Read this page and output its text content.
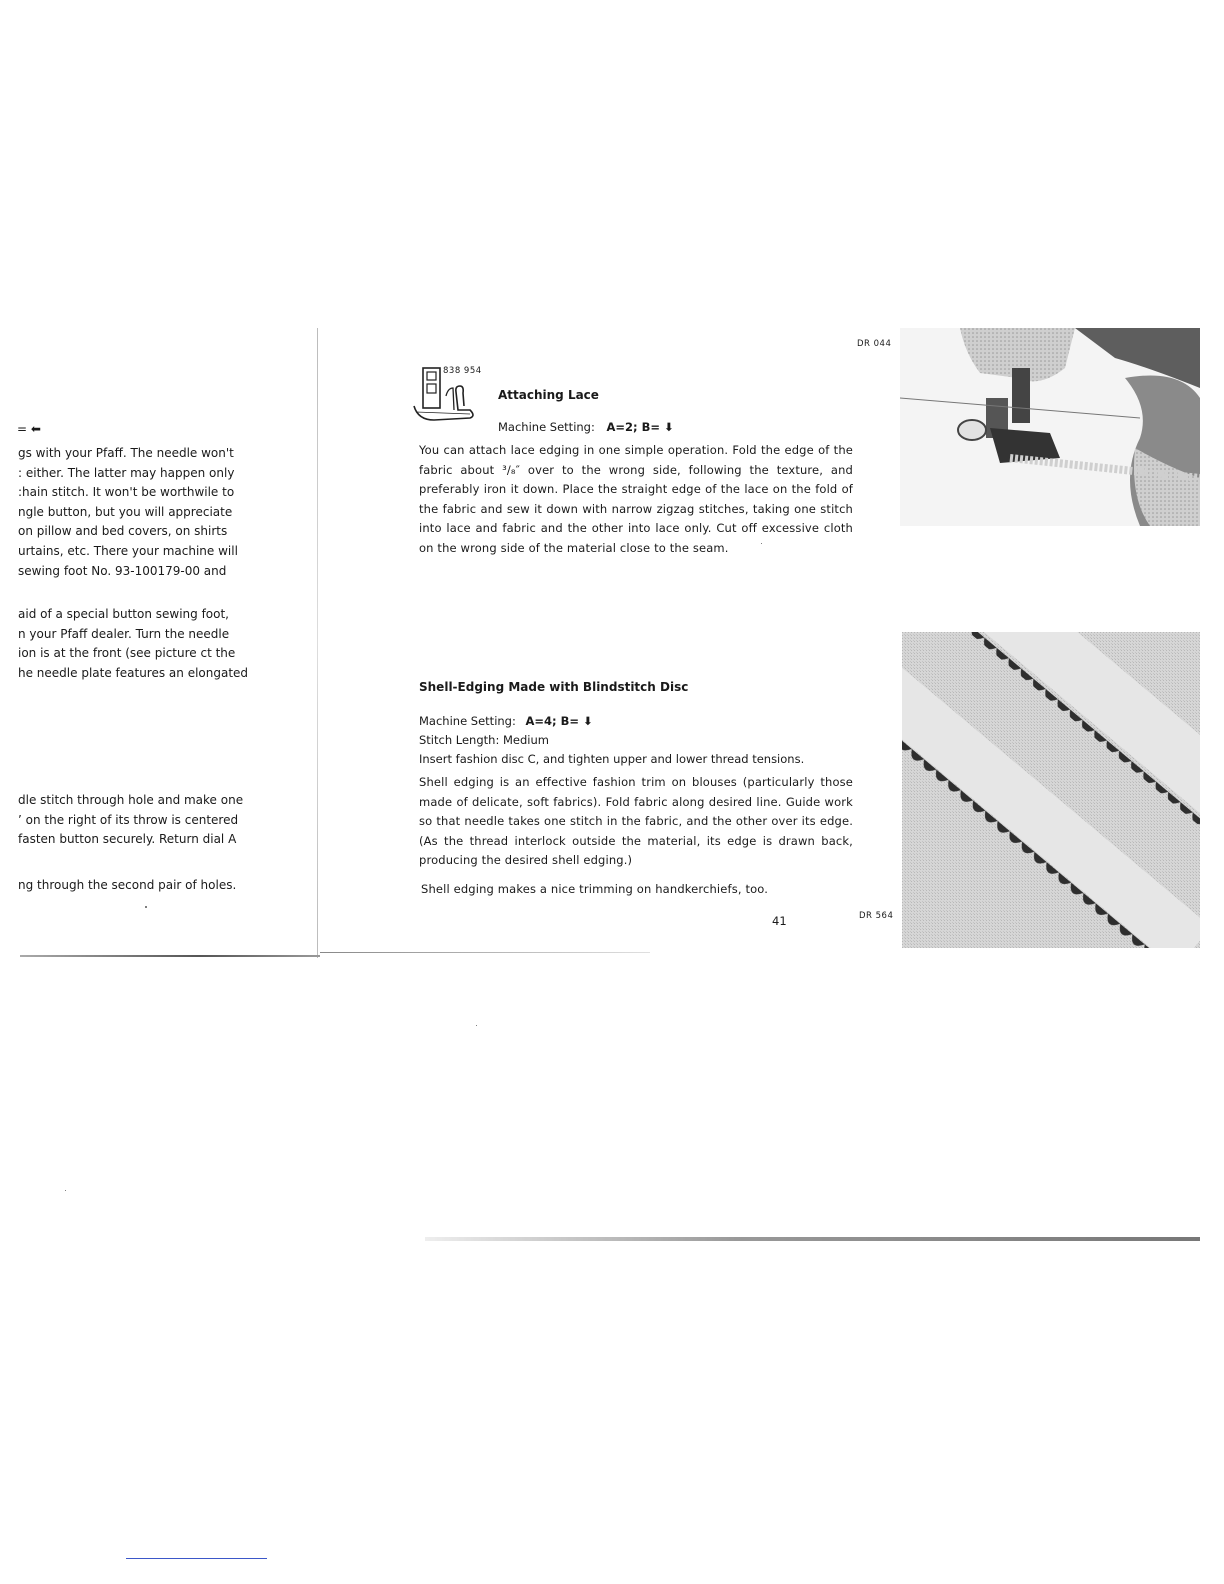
= ⬅
gs with your Pfaff. The needle won't
: either. The latter may happen only
:hain stitch. It won't be worthwile to
ngle button, but you will appreciate
on pillow and bed covers, on shirts
urtains, etc. There your machine will
sewing foot No. 93-100179-00 and
aid of a special button sewing foot,
n your Pfaff dealer. Turn the needle
ion is at the front (see picture ct the
he needle plate features an elongated
dle stitch through hole and make one
’ on the right of its throw is centered
fasten button securely. Return dial A
ng through the second pair of holes.
838 954
Attaching Lace
Machine Setting: A=2; B= ⬇
You can attach lace edging in one simple operation. Fold the edge of the fabric about ³/₈″ over to the wrong side, following the texture, and preferably iron it down. Place the straight edge of the lace on the fold of the fabric and sew it down with narrow zigzag stitches, taking one stitch into lace and fabric and the other into lace only. Cut off excessive cloth on the wrong side of the material close to the seam.
Shell-Edging Made with Blindstitch Disc
Machine Setting: A=4; B= ⬇
Stitch Length: Medium
Insert fashion disc C, and tighten upper and lower thread tensions.
Shell edging is an effective fashion trim on blouses (particularly those made of delicate, soft fabrics). Fold fabric along desired line. Guide work so that needle takes one stitch in the fabric, and the other over its edge. (As the thread interlock outside the material, its edge is drawn back, producing the desired shell edging.)
Shell edging makes a nice trimming on handkerchiefs, too.
41
DR 044
DR 564
